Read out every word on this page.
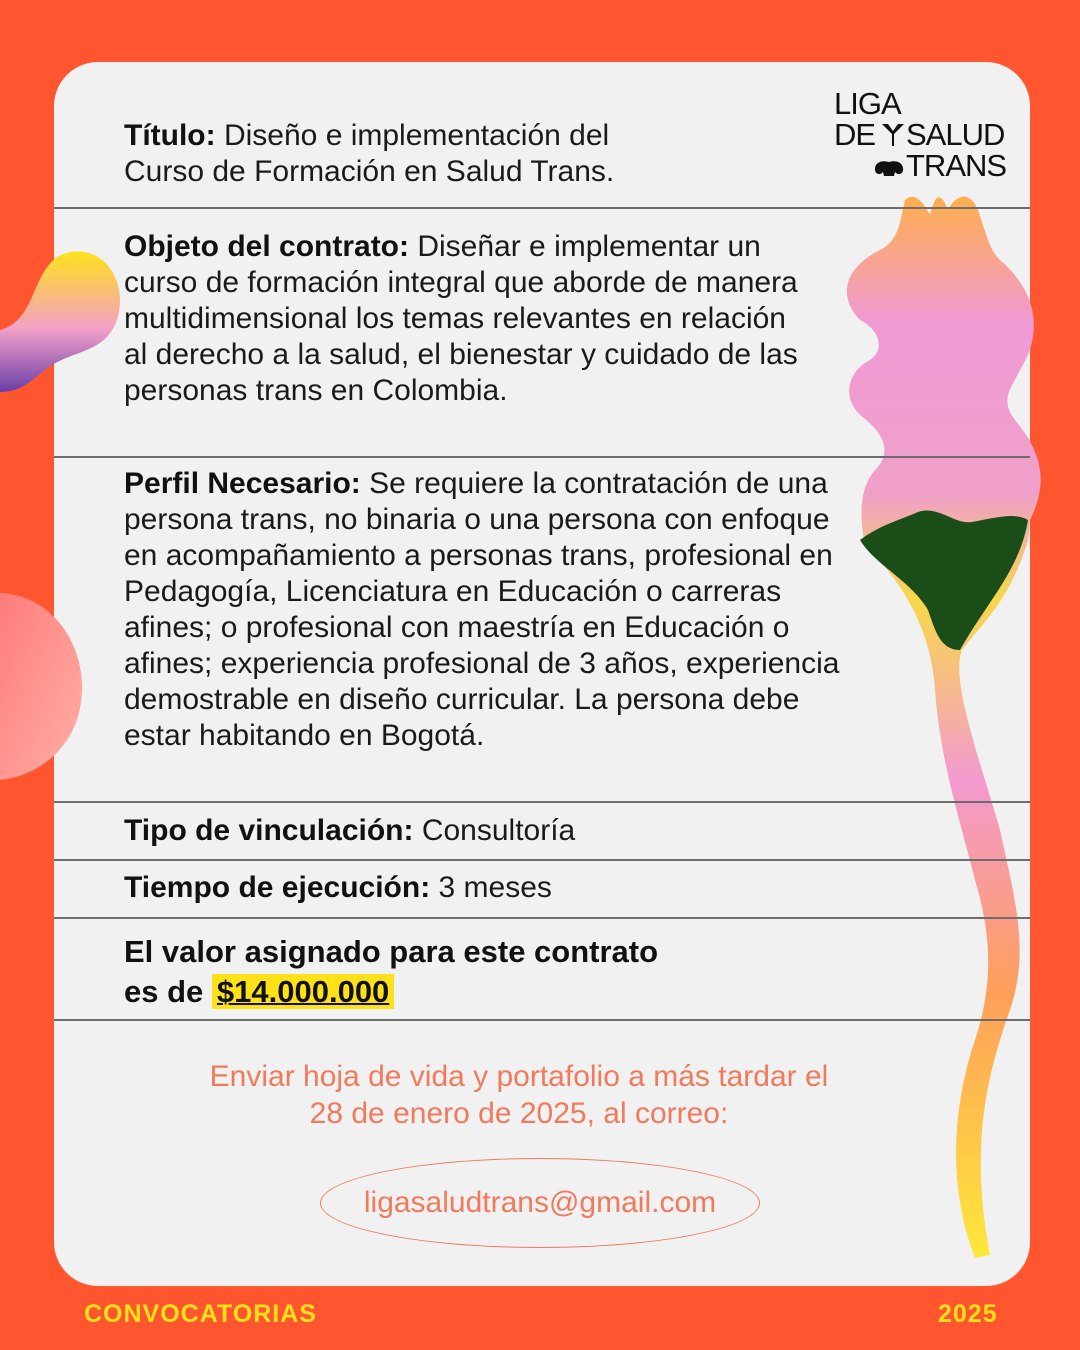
LIGA
DE SALUD
TRANS
Título: Diseño e implementación del Curso de Formación en Salud Trans.
Objeto del contrato: Diseñar e implementar un curso de formación integral que aborde de manera multidimensional los temas relevantes en relación al derecho a la salud, el bienestar y cuidado de las personas trans en Colombia.
Perfil Necesario: Se requiere la contratación de una persona trans, no binaria o una persona con enfoque en acompañamiento a personas trans, profesional en Pedagogía, Licenciatura en Educación o carreras afines; o profesional con maestría en Educación o afines; experiencia profesional de 3 años, experiencia demostrable en diseño curricular. La persona debe estar habitando en Bogotá.
Tipo de vinculación: Consultoría
Tiempo de ejecución: 3 meses
El valor asignado para este contrato
es de $14.000.000
Enviar hoja de vida y portafolio a más tardar el
28 de enero de 2025, al correo:
ligasaludtrans@gmail.com
CONVOCATORIAS	2025
